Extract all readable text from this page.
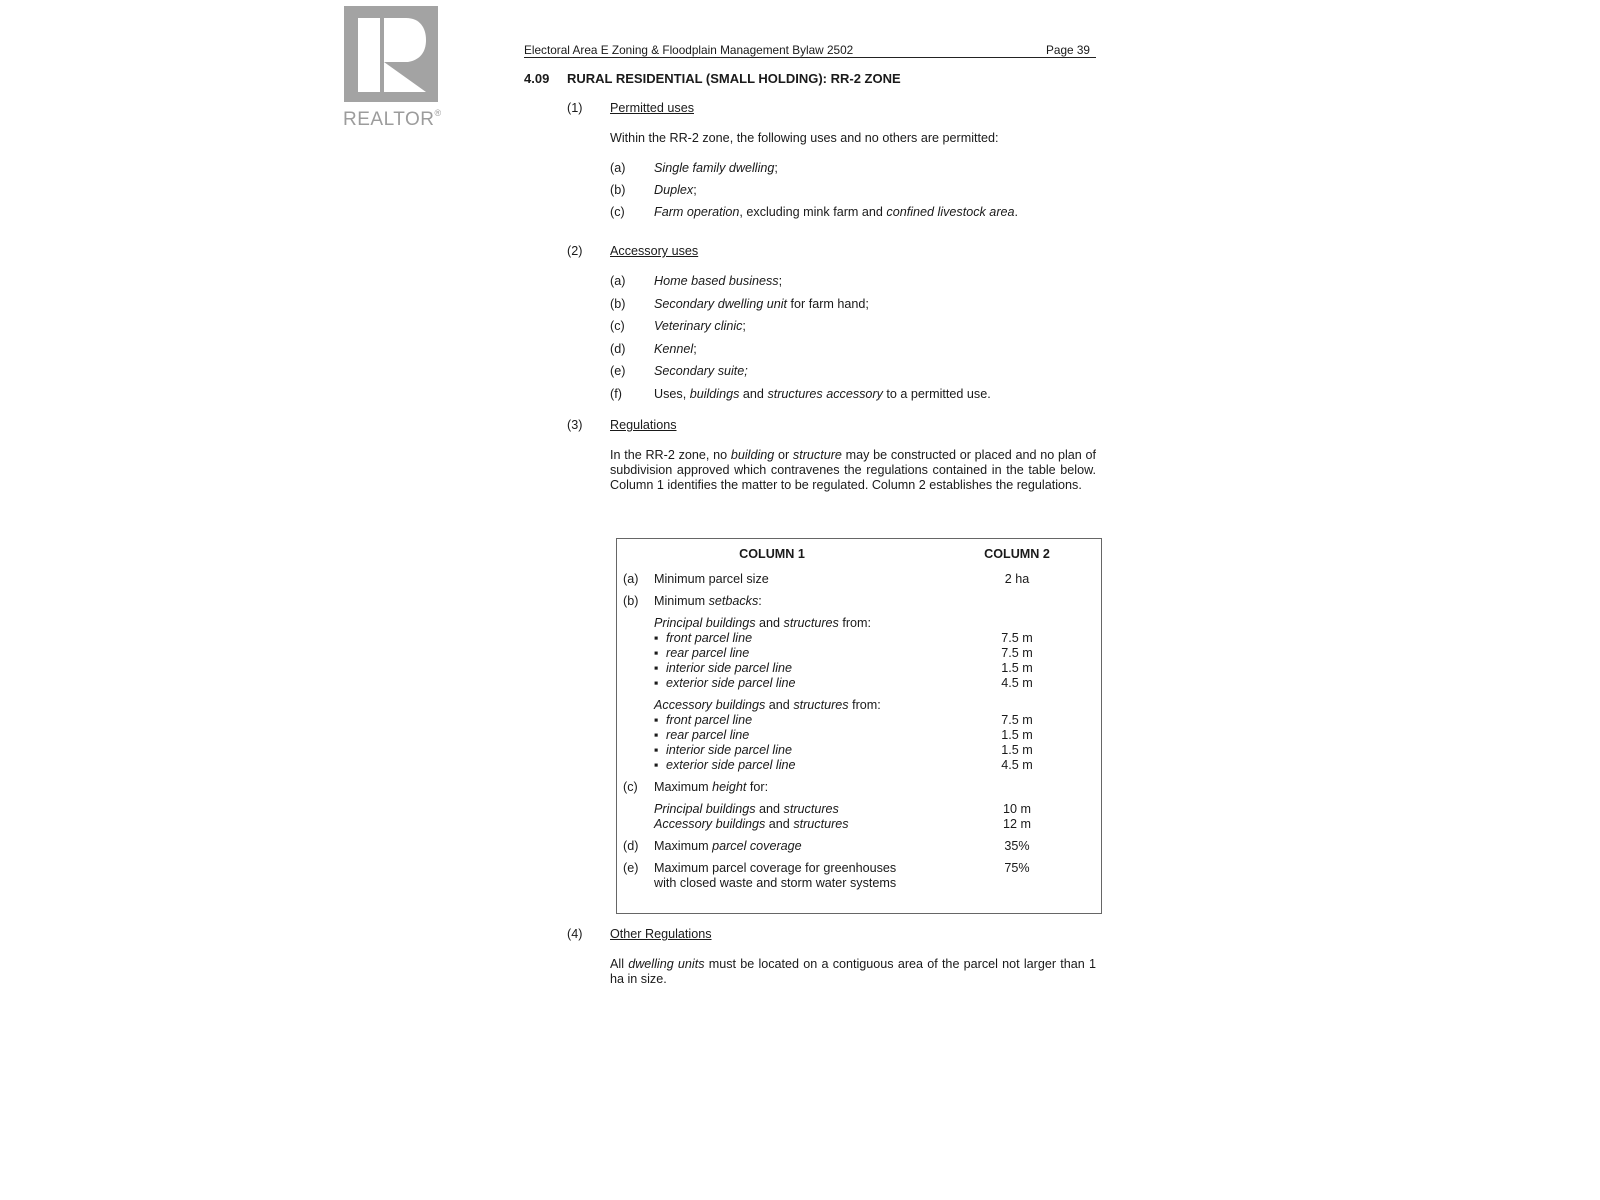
REALTOR®
Electoral Area E Zoning & Floodplain Management Bylaw 2502	Page 39
4.09 RURAL RESIDENTIAL (SMALL HOLDING): RR-2 ZONE
(1) Permitted uses
Within the RR-2 zone, the following uses and no others are permitted:
(a)	Single family dwelling;
(b)	Duplex;
(c)	Farm operation, excluding mink farm and confined livestock area.
(2) Accessory uses
(a)	Home based business;
(b)	Secondary dwelling unit for farm hand;
(c)	Veterinary clinic;
(d)	Kennel;
(e)	Secondary suite;
(f)	Uses, buildings and structures accessory to a permitted use.
(3) Regulations
In the RR-2 zone, no building or structure may be constructed or placed and no plan of subdivision approved which contravenes the regulations contained in the table below. Column 1 identifies the matter to be regulated. Column 2 establishes the regulations.
COLUMN 1	COLUMN 2
(a) Minimum parcel size	2 ha
(b) Minimum setbacks:
Principal buildings and structures from:
▪ front parcel line	7.5 m
▪ rear parcel line	7.5 m
▪ interior side parcel line	1.5 m
▪ exterior side parcel line	4.5 m
Accessory buildings and structures from:
▪ front parcel line	7.5 m
▪ rear parcel line	1.5 m
▪ interior side parcel line	1.5 m
▪ exterior side parcel line	4.5 m
(c) Maximum height for:
Principal buildings and structures	10 m
Accessory buildings and structures	12 m
(d) Maximum parcel coverage	35%
(e) Maximum parcel coverage for greenhouses	75%
with closed waste and storm water systems
(4) Other Regulations
All dwelling units must be located on a contiguous area of the parcel not larger than 1 ha in size.
